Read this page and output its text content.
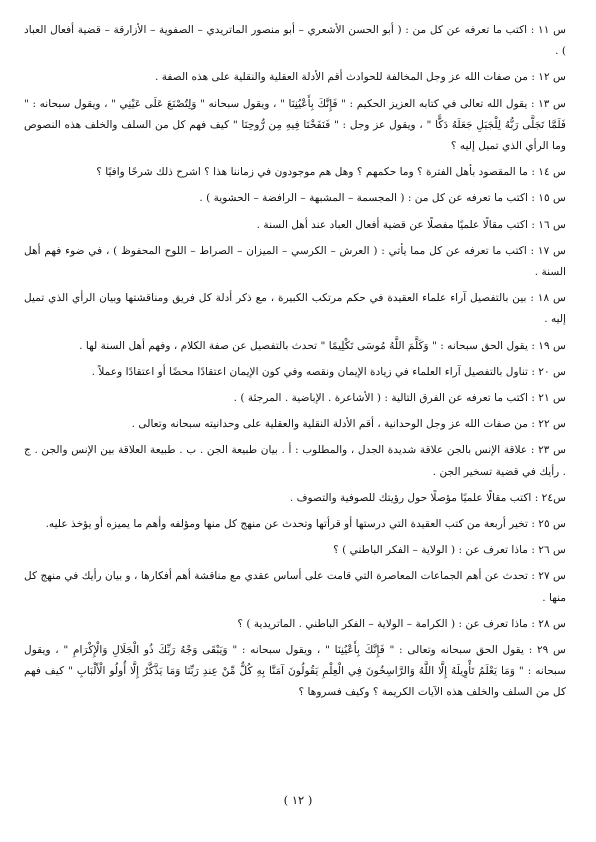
س ١١ : اكتب ما تعرفه عن كل من : ( أبو الحسن الأشعري – أبو منصور الماتريدي – الصفوية – الأزارقة – قضية أفعال العباد ) .

س ١٢ : من صفات الله عز وجل المخالفة للحوادث أقم الأدلة العقلية والنقلية على هذه الصفة .

س ١٣ : يقول الله تعالى في كتابه العزيز الحكيم : " فَإِنَّكَ بِأَعْيُنِنَا " ، ويقول سبحانه " وَلِتُصْنَعَ عَلَى عَيْنِي " ، ويقول سبحانه : " فَلَمَّا تَجَلَّى رَبُّهُ لِلْجَبَلِ جَعَلَهُ دَكًّا " ، ويقول عز وجل : " فَنَفَخْنَا فِيهِ مِن رُّوحِنَا " كيف فهم كل من السلف والخلف هذه النصوص وما الرأي الذي تميل إليه ؟

س ١٤ : ما المقصود بأهل الفترة ؟ وما حكمهم ؟ وهل هم موجودون في زماننا هذا ؟ اشرح ذلك شرحًا وافيًا ؟

س ١٥ : اكتب ما تعرفه عن كل من : ( المجسمة – المشبهة – الرافضة – الحشوية ) .

س ١٦ : اكتب مقالًا علميًا مفصلًا عن قضية أفعال العباد عند أهل السنة .

س ١٧ : اكتب ما تعرفه عن كل مما يأتي : ( العرش – الكرسي – الميزان – الصراط – اللوح المحفوظ ) ، في ضوء فهم أهل السنة .

س ١٨ : بين بالتفصيل آراء علماء العقيدة في حكم مرتكب الكبيرة ، مع ذكر أدلة كل فريق ومناقشتها وبيان الرأي الذي تميل إليه .

س ١٩ : يقول الحق سبحانه : " وَكَلَّمَ اللَّهُ مُوسَى تَكْلِيمًا " تحدث بالتفصيل عن صفة الكلام ، وفهم أهل السنة لها .

س ٢٠ : تناول بالتفصيل آراء العلماء في زيادة الإيمان ونقصه وفي كون الإيمان اعتقادًا محضًا أو اعتقادًا وعملاً .

س ٢١ : اكتب ما تعرفه عن الفرق التالية : ( الأشاعرة . الإباضية . المرجئة ) .

س ٢٢ : من صفات الله عز وجل الوحدانية ، أقم الأدلة النقلية والعقلية على وحدانيته سبحانه وتعالى .

س ٢٣ : علاقة الإنس بالجن علاقة شديدة الجدل ، والمطلوب : أ . بيان طبيعة الجن . ب . طبيعة العلاقة بين الإنس والجن . ج . رأيك في قضية تسخير الجن .

س٢٤ : اكتب مقالًا علميًا مؤصلًا حول رؤيتك للصوفية والتصوف .

س ٢٥ : تخير أربعة من كتب العقيدة التي درستها أو قرأتها وتحدث عن منهج كل منها ومؤلفه وأهم ما يميزه أو يؤخذ عليه.

س ٢٦ : ماذا تعرف عن : ( الولاية – الفكر الباطني ) ؟

س ٢٧ : تحدث عن أهم الجماعات المعاصرة التي قامت على أساس عقدي مع مناقشة أهم أفكارها ، و بيان رأيك في منهج كل منها .

س ٢٨ : ماذا تعرف عن : ( الكرامة – الولاية – الفكر الباطني . الماتريدية ) ؟

س ٢٩ : يقول الحق سبحانه وتعالى : " فَإِنَّكَ بِأَعْيُنِنَا " ، ويقول سبحانه : " وَيَبْقَى وَجْهُ رَبِّكَ ذُو الْجَلَالِ وَالْإِكْرَامِ " ، ويقول سبحانه : " وَمَا يَعْلَمُ تَأْوِيلَهُ إِلَّا اللَّهُ وَالرَّاسِخُونَ فِي الْعِلْمِ يَقُولُونَ آمَنَّا بِهِ كُلٌّ مِّنْ عِندِ رَبِّنَا وَمَا يَذَّكَّرُ إِلَّا أُولُو الْأَلْبَابِ " كيف فهم كل من السلف والخلف هذه الآيات الكريمة ؟ وكيف فسروها ؟

( ١٢ )
